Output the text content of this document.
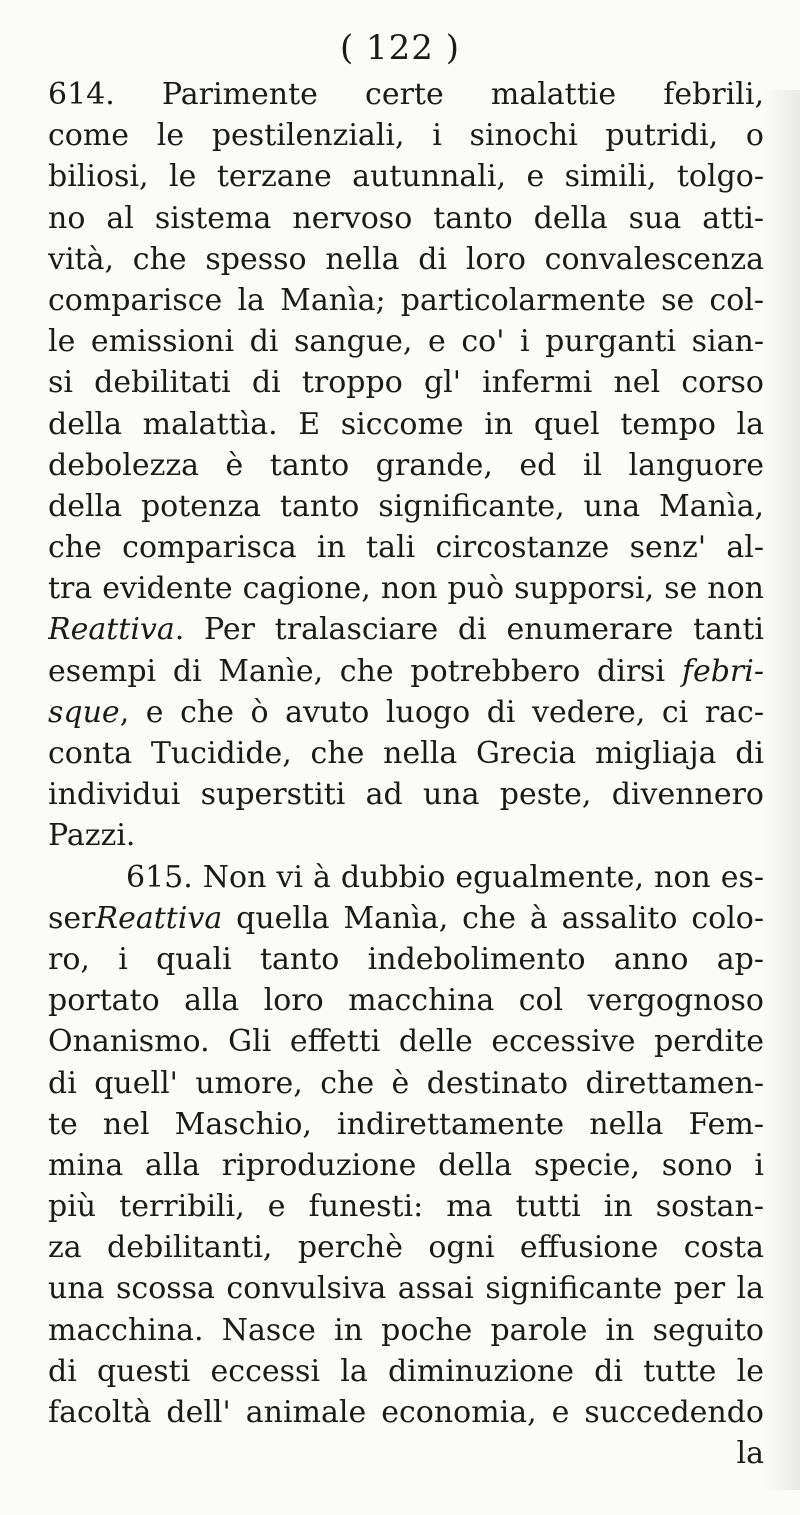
( 122 )
614. Parimente certe malattie febrili,
come le pestilenziali, i sinochi putridi, o
biliosi, le terzane autunnali, e simili, tolgo-
no al sistema nervoso tanto della sua atti-
vità, che spesso nella di loro convalescenza
comparisce la Manìa; particolarmente se col-
le emissioni di sangue, e co' i purganti sian-
si debilitati di troppo gl' infermi nel corso
della malattìa. E siccome in quel tempo la
debolezza è tanto grande, ed il languore
della potenza tanto significante, una Manìa,
che comparisca in tali circostanze senz' al-
tra evidente cagione, non può supporsi, se non
Reattiva. Per tralasciare di enumerare tanti
esempi di Manìe, che potrebbero dirsi febri-
sque, e che ò avuto luogo di vedere, ci rac-
conta Tucidide, che nella Grecia migliaja di
individui superstiti ad una peste, divennero
Pazzi.
615. Non vi à dubbio egualmente, non es-
serReattiva quella Manìa, che à assalito colo-
ro, i quali tanto indebolimento anno ap-
portato alla loro macchina col vergognoso
Onanismo. Gli effetti delle eccessive perdite
di quell' umore, che è destinato direttamen-
te nel Maschio, indirettamente nella Fem-
mina alla riproduzione della specie, sono i
più terribili, e funesti: ma tutti in sostan-
za debilitanti, perchè ogni effusione costa
una scossa convulsiva assai significante per la
macchina. Nasce in poche parole in seguito
di questi eccessi la diminuzione di tutte le
facoltà dell' animale economia, e succedendo
la
